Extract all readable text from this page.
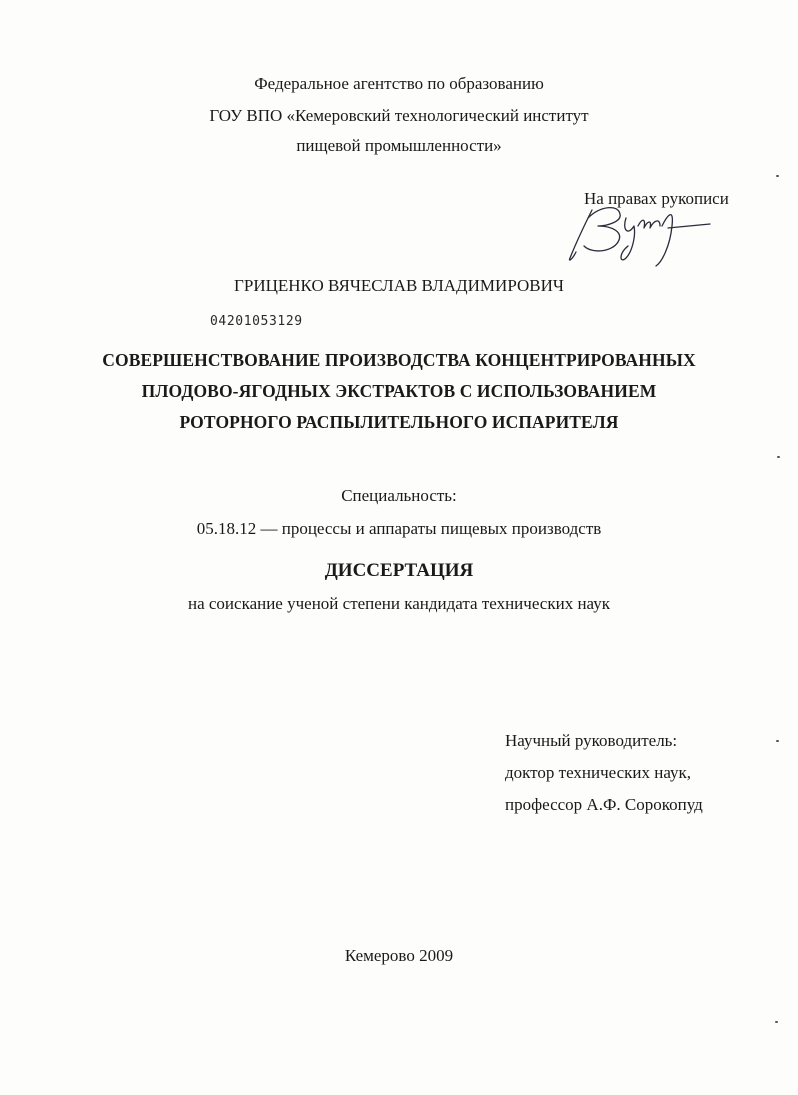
Федеральное агентство по образованию
ГОУ ВПО «Кемеровский технологический институт
пищевой промышленности»
На правах рукописи
ГРИЦЕНКО ВЯЧЕСЛАВ ВЛАДИМИРОВИЧ
04201053129
СОВЕРШЕНСТВОВАНИЕ ПРОИЗВОДСТВА КОНЦЕНТРИРОВАННЫХ
ПЛОДОВО-ЯГОДНЫХ ЭКСТРАКТОВ С ИСПОЛЬЗОВАНИЕМ
РОТОРНОГО РАСПЫЛИТЕЛЬНОГО ИСПАРИТЕЛЯ
Специальность:
05.18.12 — процессы и аппараты пищевых производств
ДИССЕРТАЦИЯ
на соискание ученой степени кандидата технических наук
Научный руководитель:
доктор технических наук,
профессор А.Ф. Сорокопуд
Кемерово 2009
